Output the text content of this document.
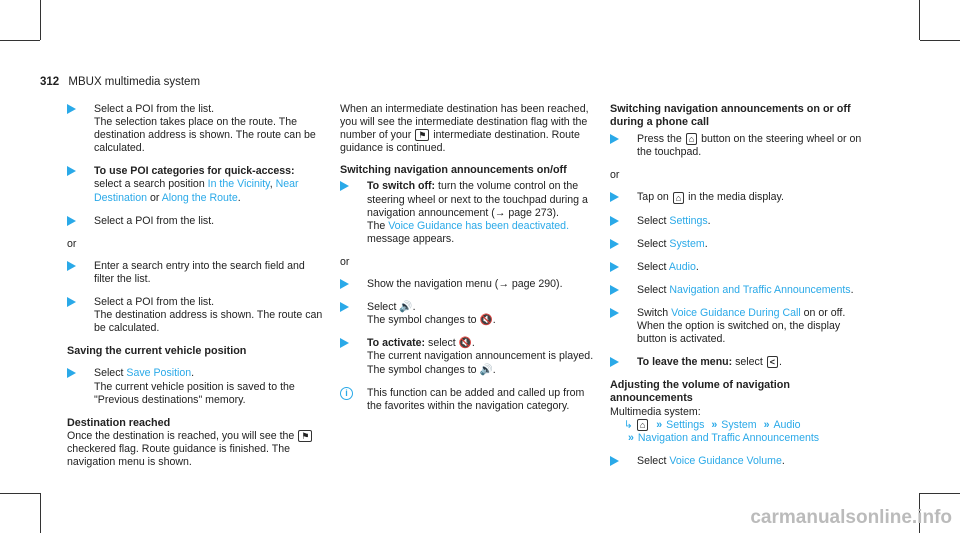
312 MBUX multimedia system
Select a POI from the list.
The selection takes place on the route. The destination address is shown. The route can be calculated.
To use POI categories for quick-access:
select a search position In the Vicinity, Near Destination or Along the Route.
Select a POI from the list.
or
Enter a search entry into the search field and filter the list.
Select a POI from the list.
The destination address is shown. The route can be calculated.
Saving the current vehicle position
Select Save Position.
The current vehicle position is saved to the "Previous destinations" memory.
Destination reached
Once the destination is reached, you will see the ⚑ checkered flag. Route guidance is finished. The navigation menu is shown.
When an intermediate destination has been reached, you will see the intermediate destination flag with the number of your ⚑ intermediate destination. Route guidance is continued.
Switching navigation announcements on/off
To switch off: turn the volume control on the steering wheel or next to the touchpad during a navigation announcement (→ page 273).
The Voice Guidance has been deactivated. message appears.
or
Show the navigation menu (→ page 290).
Select 🔊.
The symbol changes to 🔇.
To activate: select 🔇.
The current navigation announcement is played.
The symbol changes to 🔊.
i	This function can be added and called up from the favorites within the navigation category.
Switching navigation announcements on or off during a phone call
Press the ⌂ button on the steering wheel or on the touchpad.
or
Tap on ⌂ in the media display.
Select Settings.
Select System.
Select Audio.
Select Navigation and Traffic Announcements.
Switch Voice Guidance During Call on or off.
When the option is switched on, the display button is activated.
To leave the menu: select < .
Adjusting the volume of navigation announcements
Multimedia system:
↳ ⌂ » Settings » System » Audio
» Navigation and Traffic Announcements
Select Voice Guidance Volume.
carmanualsonline.info
